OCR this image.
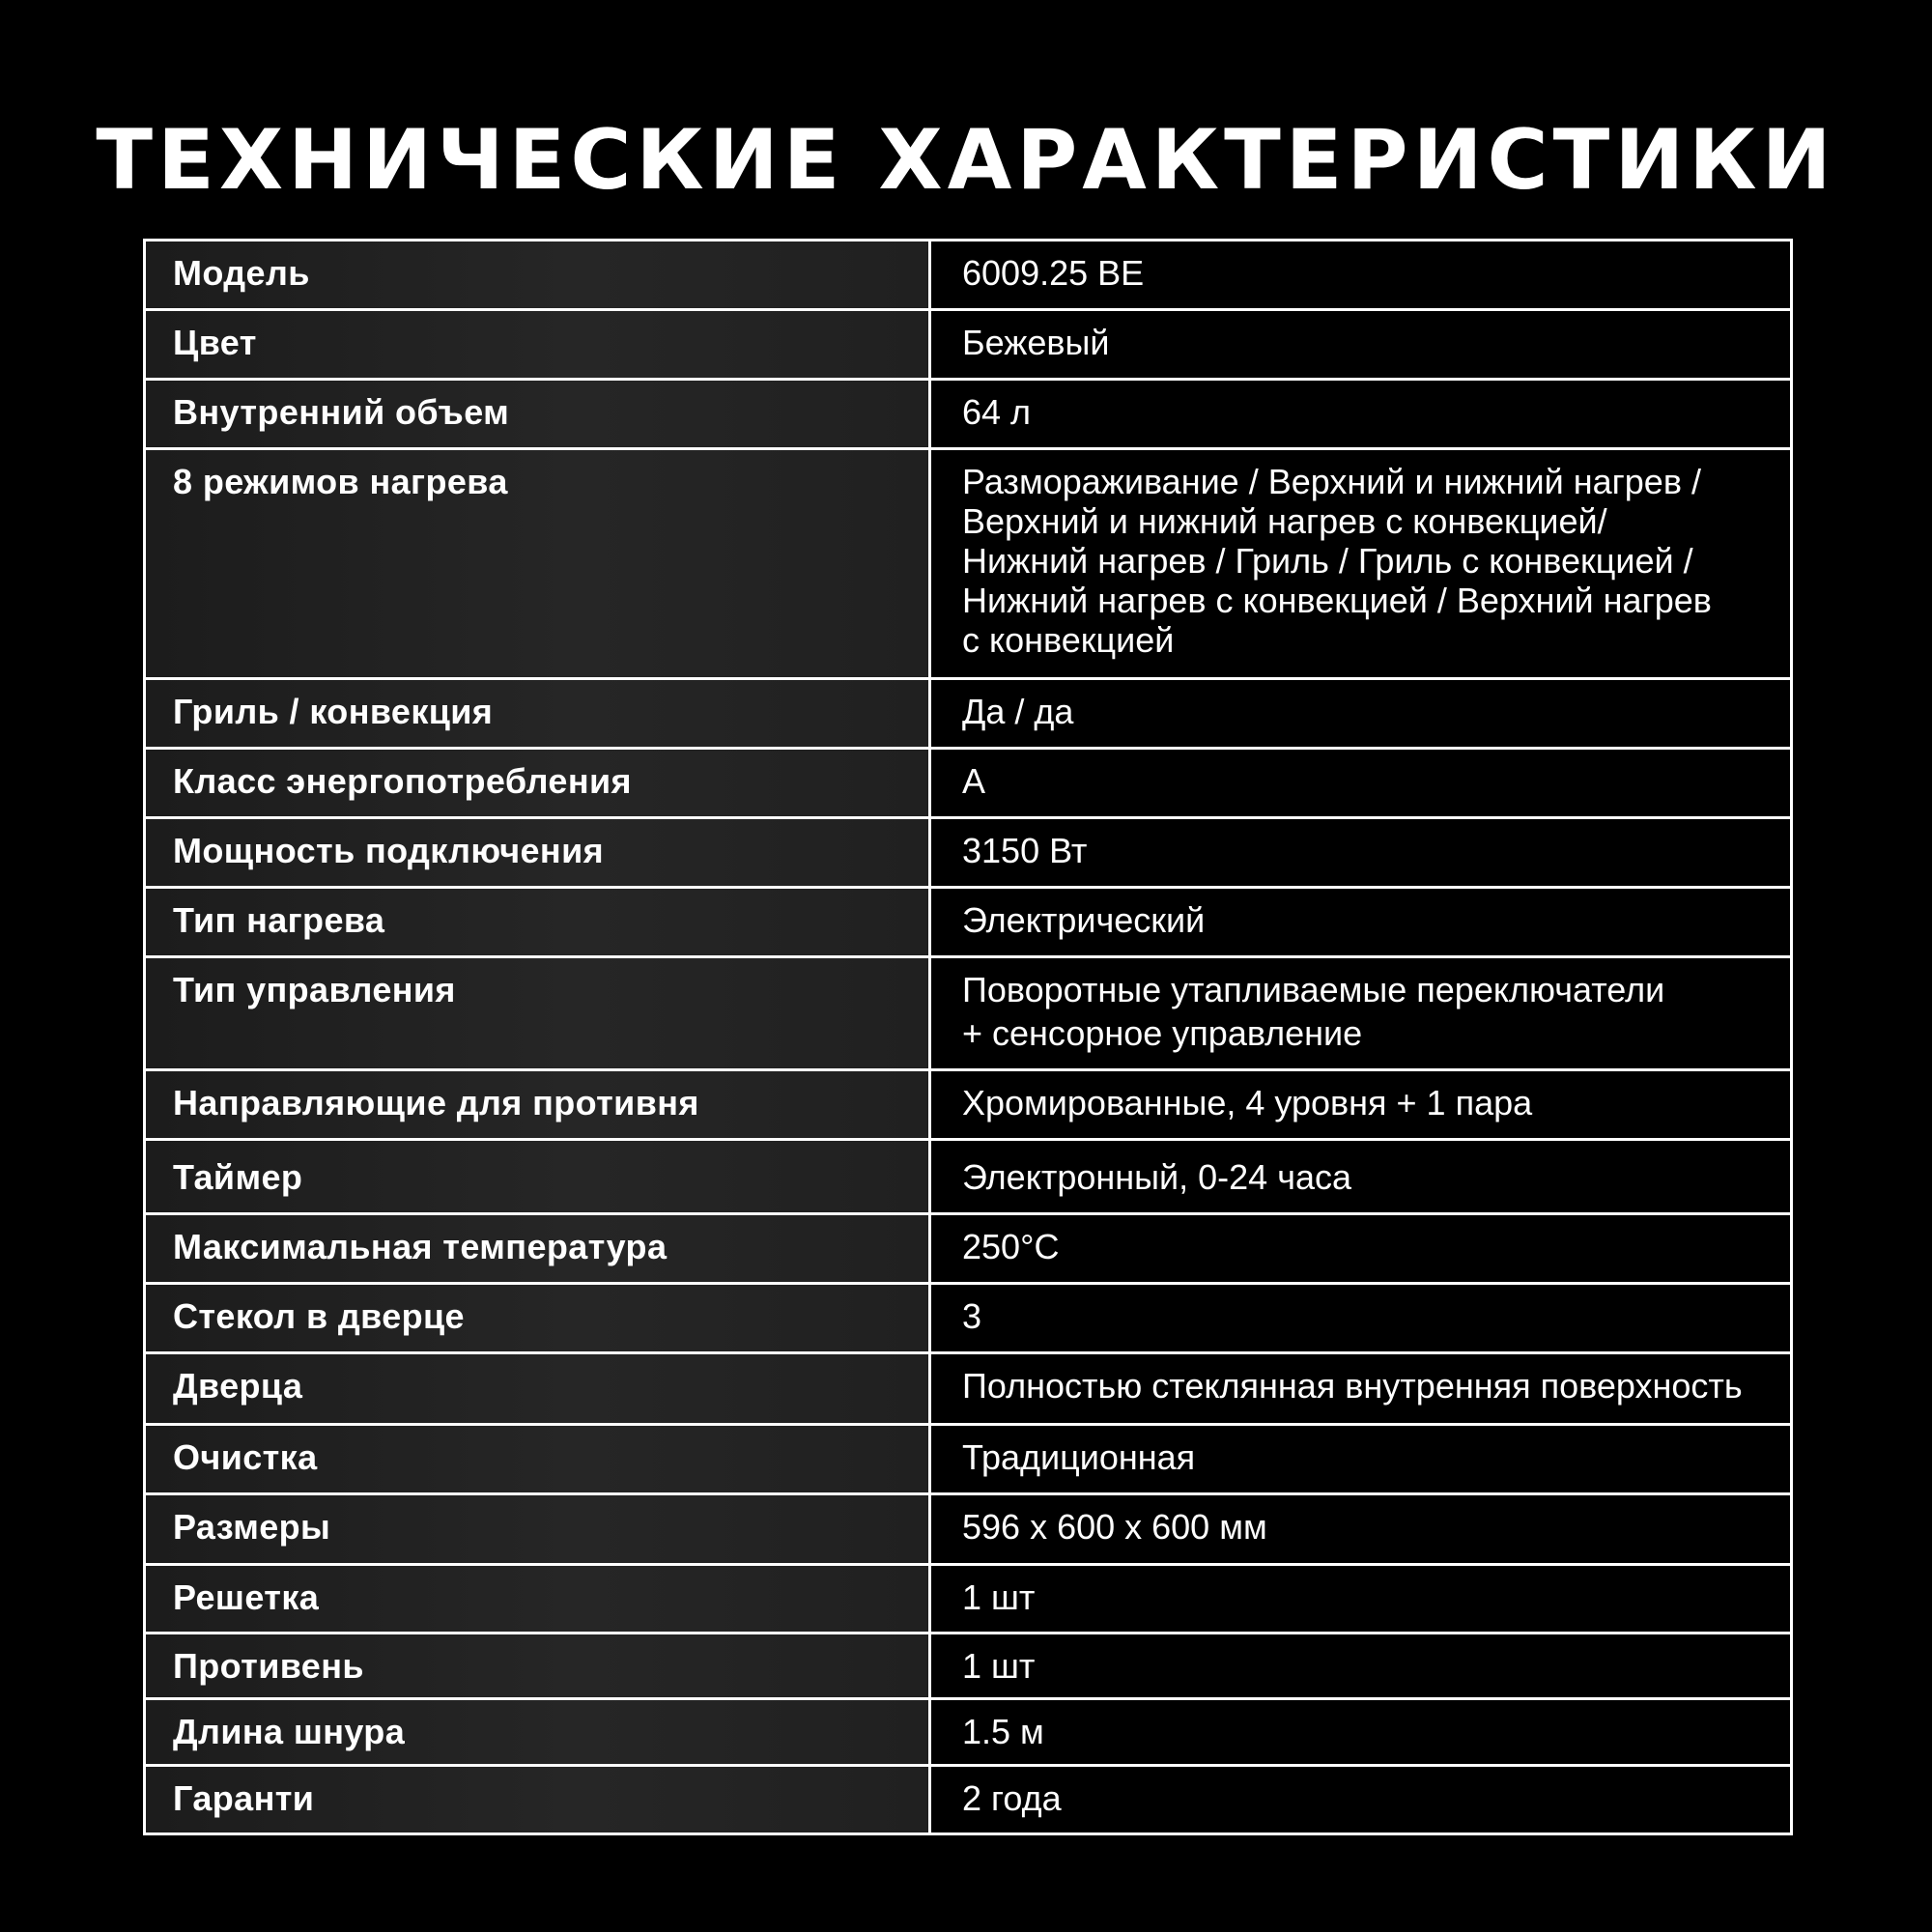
ТЕХНИЧЕСКИЕ ХАРАКТЕРИСТИКИ
Модель	6009.25 BE
Цвет	Бежевый
Внутренний объем	64 л
8 режимов нагрева	Размораживание / Верхний и нижний нагрев /
Верхний и нижний нагрев с конвекцией/
Нижний нагрев / Гриль / Гриль с конвекцией /
Нижний нагрев с конвекцией / Верхний нагрев
с конвекцией

Гриль / конвекция	Да / да
Класс энергопотребления	A
Мощность подключения	3150 Вт
Тип нагрева	Электрический
Тип управления	Поворотные утапливаемые переключатели
+ сенсорное управление

Направляющие для противня	Хромированные, 4 уровня + 1 пара
Таймер	Электронный, 0-24 часа
Максимальная температура	250°C
Стекол в дверце	3
Дверца	Полностью стеклянная внутренняя поверхность
Очистка	Традиционная
Размеры	596 x 600 x 600 мм
Решетка	1 шт
Противень	1 шт
Длина шнура	1.5 м
Гаранти	2 года
